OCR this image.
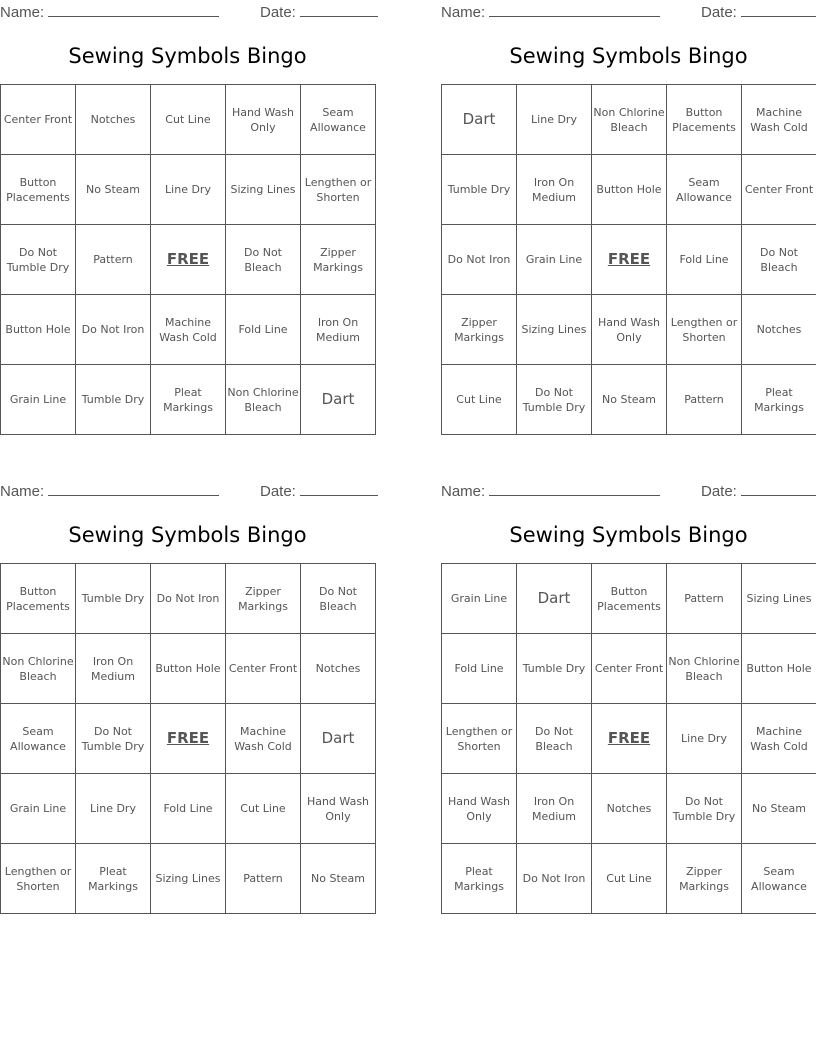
Name:	Date:
Sewing Symbols Bingo
Center Front	Notches	Cut Line	Hand Wash Only	Seam Allowance
Button Placements	No Steam	Line Dry	Sizing Lines	Lengthen or Shorten
Do Not Tumble Dry	Pattern	FREE	Do Not Bleach	Zipper Markings
Button Hole	Do Not Iron	Machine Wash Cold	Fold Line	Iron On Medium
Grain Line	Tumble Dry	Pleat Markings	Non Chlorine Bleach	Dart
Name:	Date:
Sewing Symbols Bingo
Dart	Line Dry	Non Chlorine Bleach	Button Placements	Machine Wash Cold
Tumble Dry	Iron On Medium	Button Hole	Seam Allowance	Center Front
Do Not Iron	Grain Line	FREE	Fold Line	Do Not Bleach
Zipper Markings	Sizing Lines	Hand Wash Only	Lengthen or Shorten	Notches
Cut Line	Do Not Tumble Dry	No Steam	Pattern	Pleat Markings
Name:	Date:
Sewing Symbols Bingo
Button Placements	Tumble Dry	Do Not Iron	Zipper Markings	Do Not Bleach
Non Chlorine Bleach	Iron On Medium	Button Hole	Center Front	Notches
Seam Allowance	Do Not Tumble Dry	FREE	Machine Wash Cold	Dart
Grain Line	Line Dry	Fold Line	Cut Line	Hand Wash Only
Lengthen or Shorten	Pleat Markings	Sizing Lines	Pattern	No Steam
Name:	Date:
Sewing Symbols Bingo
Grain Line	Dart	Button Placements	Pattern	Sizing Lines
Fold Line	Tumble Dry	Center Front	Non Chlorine Bleach	Button Hole
Lengthen or Shorten	Do Not Bleach	FREE	Line Dry	Machine Wash Cold
Hand Wash Only	Iron On Medium	Notches	Do Not Tumble Dry	No Steam
Pleat Markings	Do Not Iron	Cut Line	Zipper Markings	Seam Allowance
